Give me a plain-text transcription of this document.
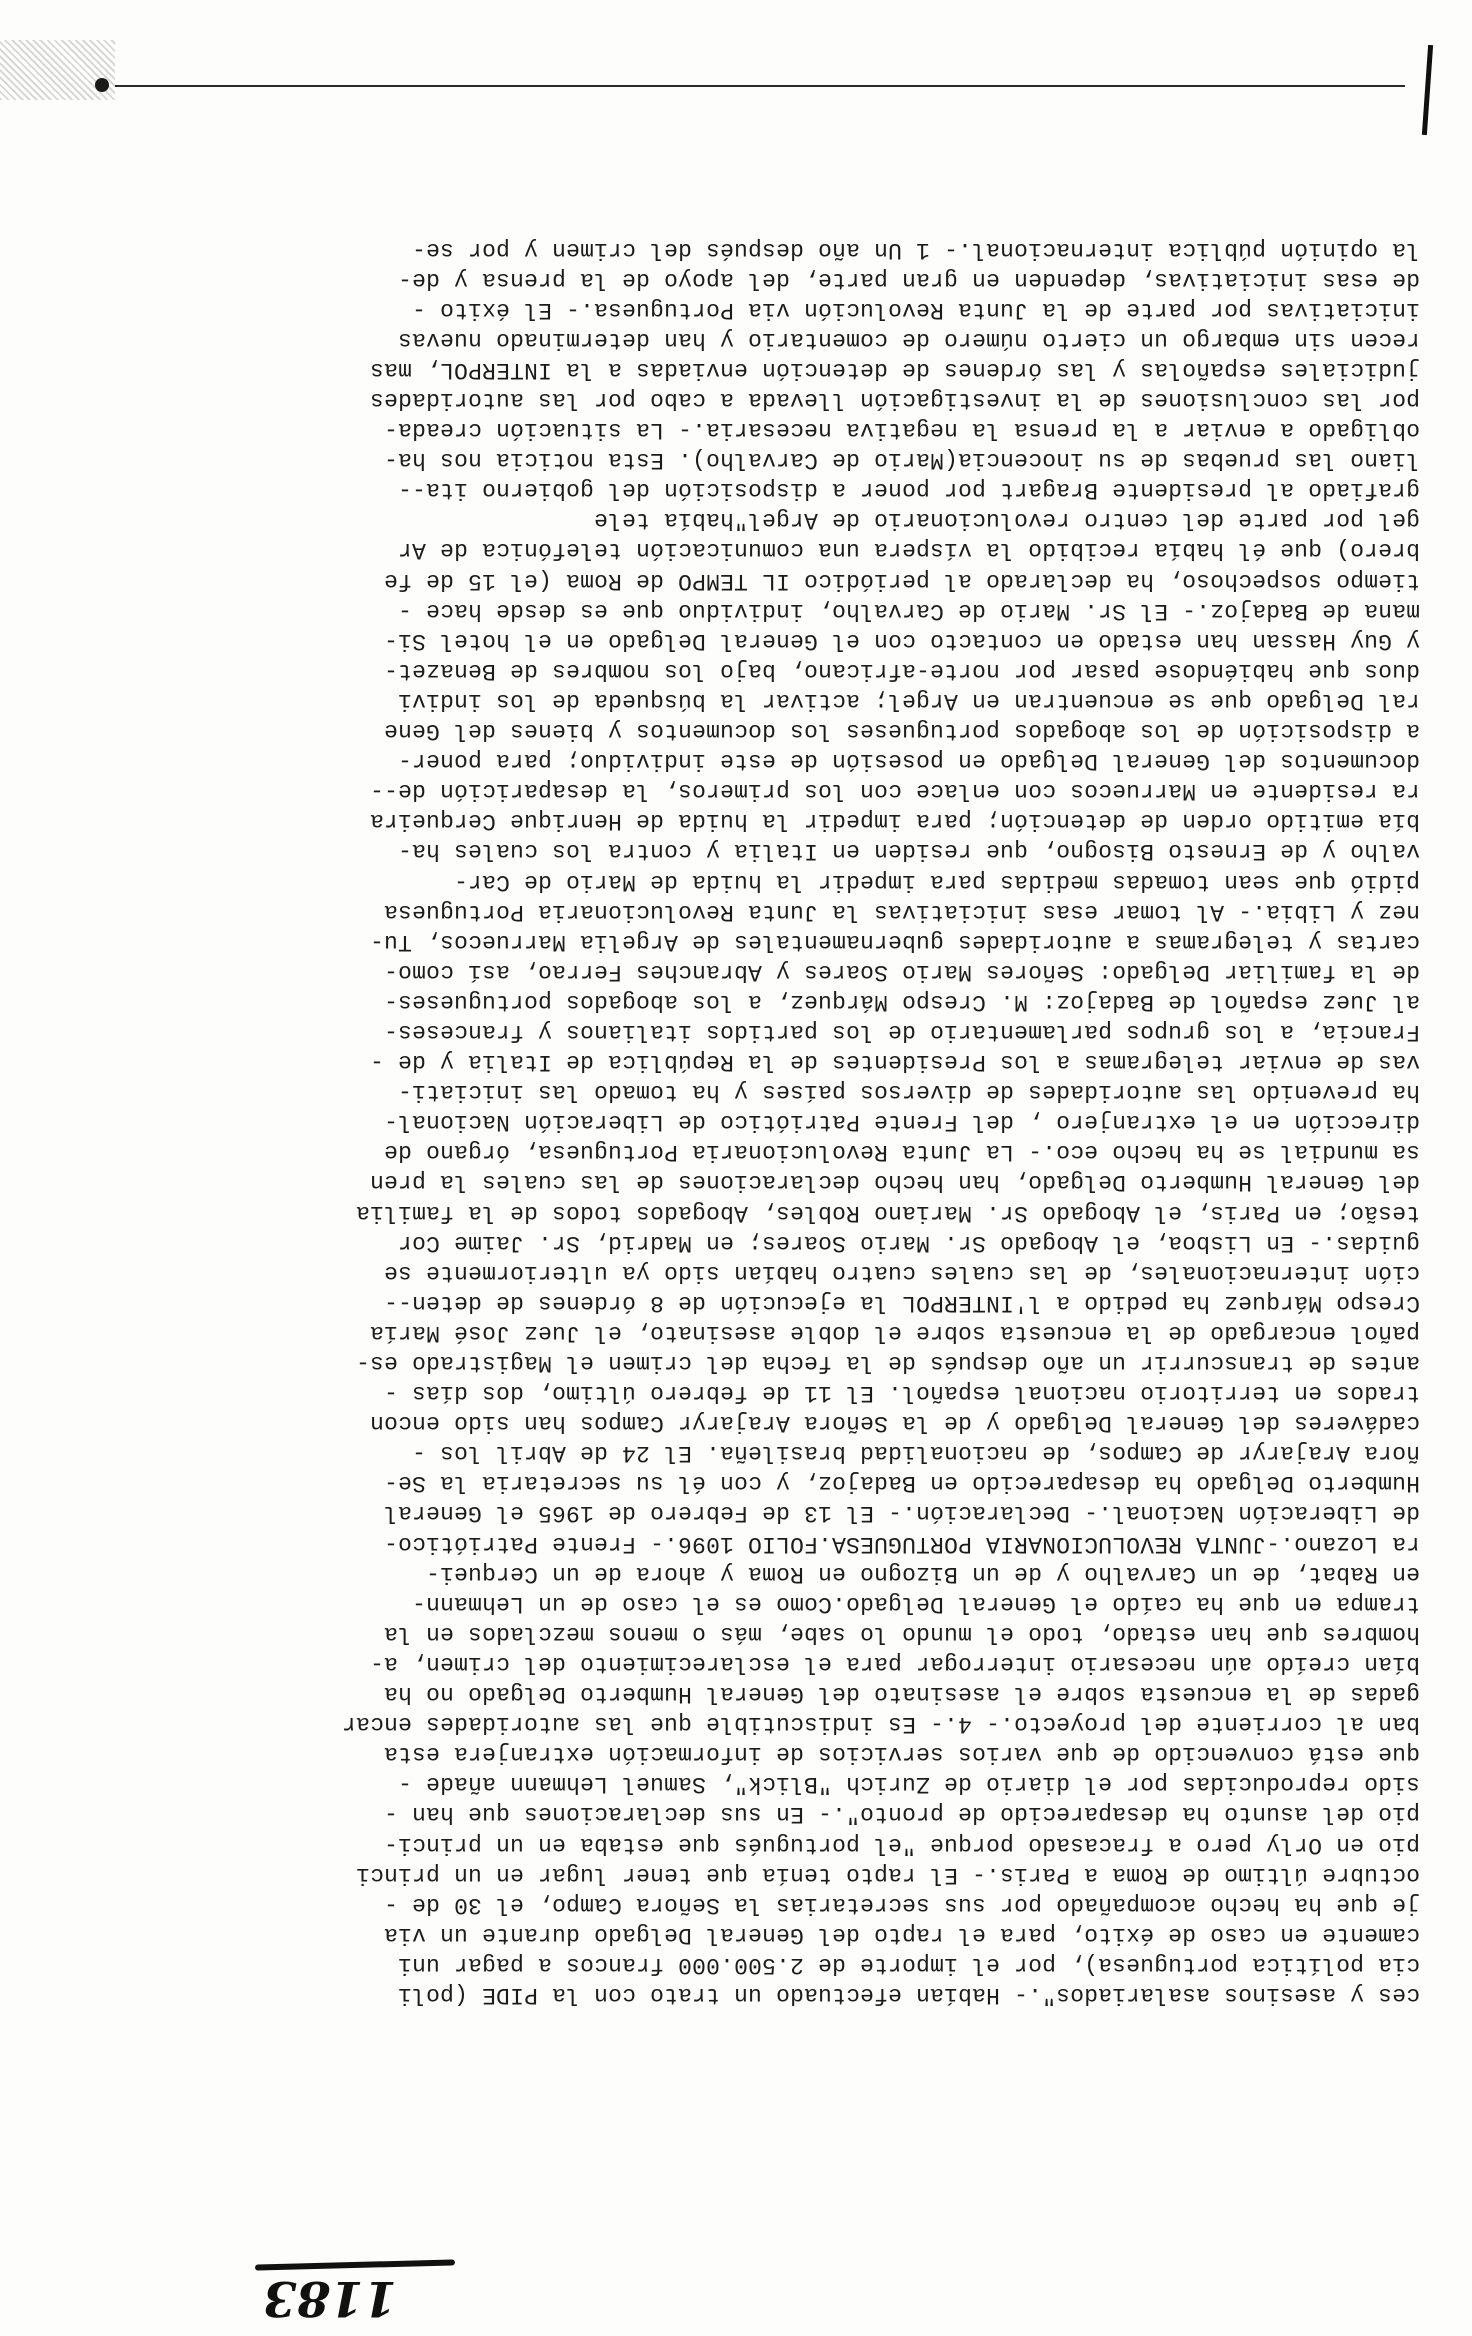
ces y asesinos asalariados".- Habían efectuado un trato con la PIDE (poli
cia política portuguesa), por el importe de 2.500.000 francos a pagar uni
camente en caso de éxito, para el rapto del General Delgado durante un via
je que ha hecho acompañado por sus secretarias la Señora Campo, el 30 de -
octubre último de Roma a Paris.- El rapto tenía que tener lugar en un princi
pio en Orly pero a fracasado porque "el portugués que estaba en un princi-
pio del asunto ha desaparecido de pronto".- En sus declaraciones que han -
sido reproducidas por el diario de Zurich "Blick", Samuel Lehmann añade -
que está convencido de que varios servicios de información extranjera esta
ban al corriente del proyecto.- 4.- Es indiscutible que las autoridades encar
gadas de la encuesta sobre el asesinato del General Humberto Delgado no ha
bían creído aún necesario interrogar para el esclarecimiento del crimen, a-
hombres que han estado, todo el mundo lo sabe, más o menos mezclados en la
trampa en que ha caído el General Delgado.Como es el caso de un Lehmann-
en Rabat, de un Carvalho y de un Bizogno en Roma y ahora de un Cerquei-
ra Lozano.-JUNTA REVOLUCIONARIA PORTUGUESA.FOLIO 1096.- Frente Patriótico-
de Liberación Nacional.- Declaración.- El 13 de Febrero de 1965 el General
Humberto Delgado ha desaparecido en Badajoz, y con él su secretaria la Se-
ñora Arajaryr de Campos, de nacionalidad brasileña. El 24 de Abril los -
cadáveres del General Delgado y de la Señora Arajaryr Campos han sido encon
trados en territorio nacional español. El 11 de febrero último, dos días -
antes de transcurrir un año después de la fecha del crimen el Magistrado es-
pañol encargado de la encuesta sobre el doble asesinato, el Juez José María
Crespo Márquez ha pedido a l'INTERPOL la ejecución de 8 órdenes de deten--
ción internacionales, de las cuales cuatro habían sido ya ulteriormente se
guidas.- En Lisboa, el Abogado Sr. Mario Soares; en Madrid, Sr. Jaime Cor
tesão; en Paris, el Abogado Sr. Mariano Robles, Abogados todos de la familia
del General Humberto Delgado, han hecho declaraciones de las cuales la pren
sa mundial se ha hecho eco.- La Junta Revolucionaria Portuguesa, órgano de
dirección en el extranjero , del Frente Patriótico de Liberación Nacional-
ha prevenido las autoridades de diversos países y ha tomado las iniciati-
vas de enviar telegramas a los Presidentes de la República de Italia y de -
Francia, a los grupos parlamentario de los partidos italianos y franceses-
al Juez español de Badajoz: M. Crespo Márquez, a los abogados portugueses-
de la familiar Delgado: Señores Mario Soares y Abranches Ferrao, así como-
cartas y telegramas a autoridades gubernamentales de Argelia Marruecos, Tu-
nez y Libia.- Al tomar esas iniciativas la Junta Revolucionaria Portuguesa
pidió que sean tomadas medidas para impedir la huida de Mario de Car-
valho y de Ernesto Bisogno, que residen en Italia y contra los cuales ha-
bía emitido orden de detención; para impedir la huida de Henrique Cerqueira
ra residente en Marruecos con enlace con los primeros, la desaparición de--
documentos del General Delgado en posesión de este individuo; para poner-
a disposición de los abogados portugueses los documentos y bienes del Gene
ral Delgado que se encuentran en Argel; activar la búsqueda de los indivi
duos que habiéndose pasar por norte-africano, bajo los nombres de Benazet-
y Guy Hassan han estado en contacto con el General Delgado en el hotel Si-
mana de Badajoz.- El Sr. Mario de Carvalho, individuo que es desde hace -
tiempo sospechoso, ha declarado al periódico IL TEMPO de Roma (el 15 de fe
brero) que él había recibido la víspera una comunicación telefónica de Ar
gel por parte del centro revolucionario de Argel"había tele
grafiado al presidente Bragart por poner a disposición del gobierno ita--
liano las pruebas de su inocencia(Mario de Carvalho). Esta noticia nos ha-
obligado a enviar a la prensa la negativa necesaria.- La situación creada-
por las conclusiones de la investigación llevada a cabo por las autoridades
judiciales españolas y las órdenes de detención enviadas a la INTERPOL, mas
recen sin embargo un cierto número de comentario y han determinado nuevas
iniciativas por parte de la Junta Revolución via Portuguesa.- El éxito -
de esas iniciativas, dependen en gran parte, del apoyo de la prensa y de-
la opinión pública internacional.- 1 Un año después del crimen y por se-
1183
